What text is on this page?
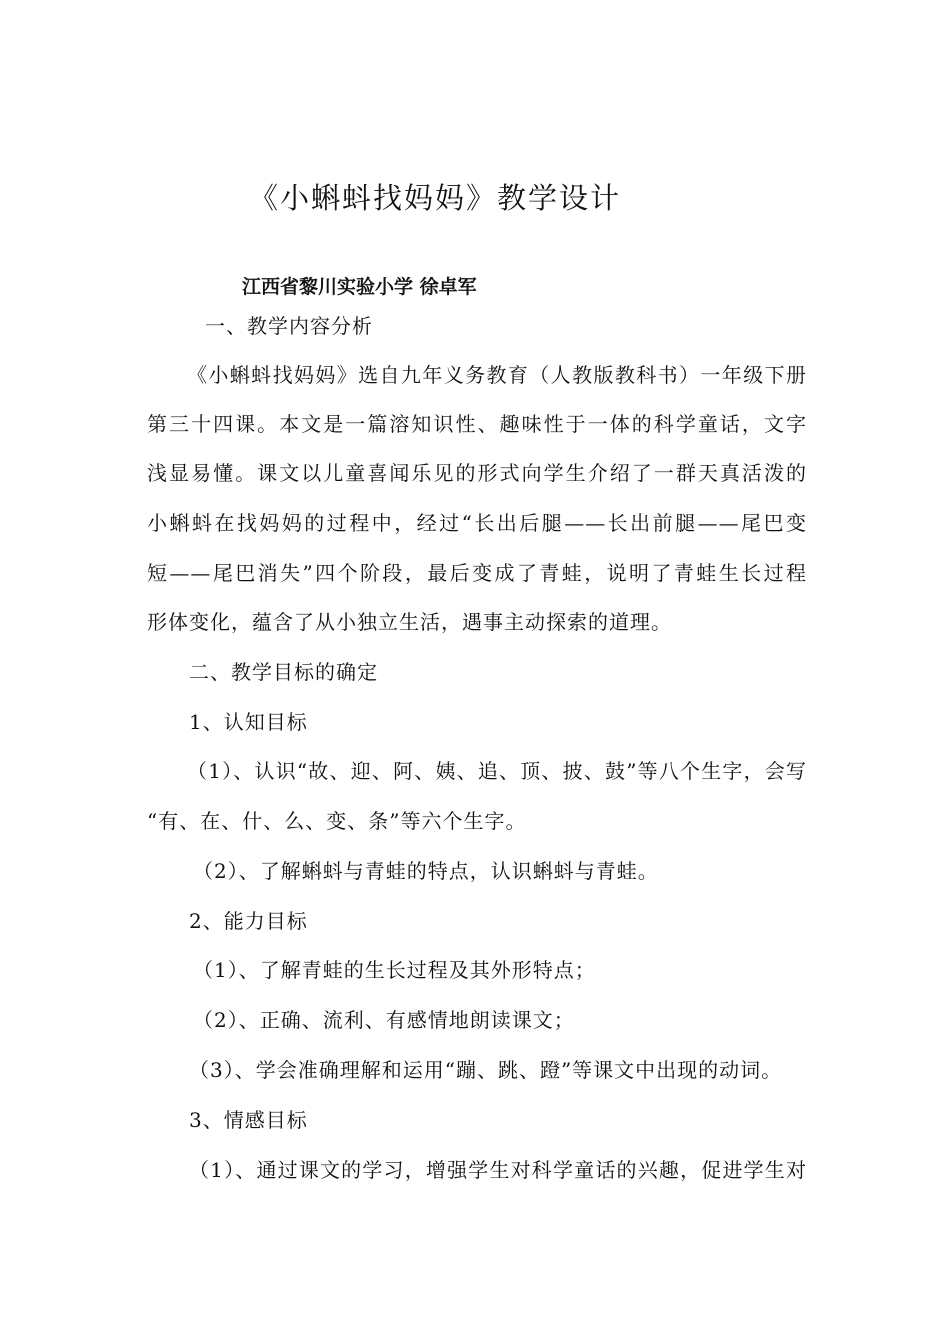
《小蝌蚪找妈妈》教学设计
江西省黎川实验小学 徐卓军
一、教学内容分析
《小蝌蚪找妈妈》选自九年义务教育（人教版教科书）一年级下册
第三十四课。本文是一篇溶知识性、趣味性于一体的科学童话，文字
浅显易懂。课文以儿童喜闻乐见的形式向学生介绍了一群天真活泼的
小蝌蚪在找妈妈的过程中，经过“长出后腿——长出前腿——尾巴变
短——尾巴消失”四个阶段，最后变成了青蛙，说明了青蛙生长过程
形体变化，蕴含了从小独立生活，遇事主动探索的道理。
二、教学目标的确定
1、认知目标
（1）、认识“故、迎、阿、姨、追、顶、披、鼓”等八个生字，会写
“有、在、什、么、变、条”等六个生字。
（2）、了解蝌蚪与青蛙的特点，认识蝌蚪与青蛙。
2、能力目标
（1）、了解青蛙的生长过程及其外形特点；
（2）、正确、流利、有感情地朗读课文；
（3）、学会准确理解和运用“蹦、跳、蹬”等课文中出现的动词。
3、情感目标
（1）、通过课文的学习，增强学生对科学童话的兴趣，促进学生对
